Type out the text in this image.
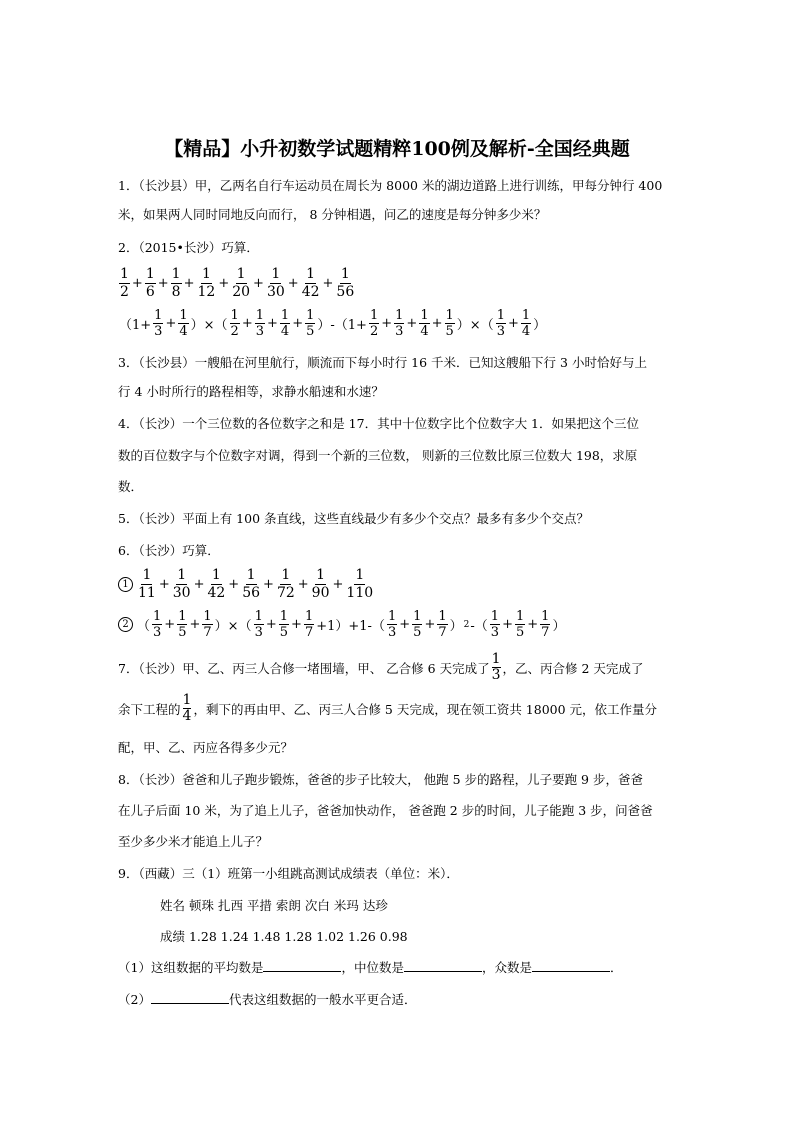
【精品】小升初数学试题精粹100例及解析-全国经典题
1．（长沙县）甲，乙两名自行车运动员在周长为 8000 米的湖边道路上进行训练，甲每分钟行 400
米，如果两人同时同地反向而行， 8 分钟相遇，问乙的速度是每分钟多少米？
2．（2015•长沙）巧算．
$\frac{1}{2} + \frac{1}{6} + \frac{1}{8} + \frac{1}{12} + \frac{1}{20} + \frac{1}{30} + \frac{1}{42} + \frac{1}{56}$
（$1+ \frac{1}{3} + \frac{1}{4}$ ）×（ $\frac{1}{2} + \frac{1}{3} + \frac{1}{4} + \frac{1}{5} )-(1+ \frac{1}{2} + \frac{1}{3} + \frac{1}{4} + \frac{1}{5}$ ）×（ $\frac{1}{3} + \frac{1}{4}$ ）
3．（长沙县）一艘船在河里航行，顺流而下每小时行 16 千米．已知这艘船下行 3 小时恰好与上
行 4 小时所行的路程相等，求静水船速和水速？
4．（长沙）一个三位数的各位数字之和是 17．其中十位数字比个位数字大 1．如果把这个三位
数的百位数字与个位数字对调，得到一个新的三位数， 则新的三位数比原三位数大 198，求原
数．
5．（长沙）平面上有 100 条直线，这些直线最少有多少个交点？最多有多少个交点？
6．（长沙）巧算．
$1 \frac{1}{11} + \frac{1}{30} + \frac{1}{42} + \frac{1}{56} + \frac{1}{72} + \frac{1}{90} + \frac{1}{110}$
2 （ $\frac{1}{3} + \frac{1}{5} + \frac{1}{7}$ ）×（ $\frac{1}{3} + \frac{1}{5} + \frac{1}{7} +1)+1-( \frac{1}{3} + \frac{1}{5} + \frac{1}{7}$ ） 2 -（ $\frac{1}{3} + \frac{1}{5} + \frac{1}{7}$ ）
7．（长沙）甲、乙、丙三人合修一堵围墙，甲、 乙合修 6 天完成了 $\frac{1}{3}$ ，乙、丙合修 2 天完成了
余下工程的 $\frac{1}{4}$ ，剩下的再由甲、乙、丙三人合修 5 天完成，现在领工资共 18000 元，依工作量分
配，甲、乙、丙应各得多少元？
8．（长沙）爸爸和儿子跑步锻炼，爸爸的步子比较大， 他跑 5 步的路程，儿子要跑 9 步，爸爸
在儿子后面 10 米，为了追上儿子，爸爸加快动作， 爸爸跑 2 步的时间，儿子能跑 3 步，问爸爸
至少多少米才能追上儿子？
9．（西藏）三（1）班第一小组跳高测试成绩表（单位：米）．
姓名 顿珠 扎西 平措 索朗 次白 米玛 达珍
成绩 1.28 1.24 1.48 1.28 1.02 1.26 0.98
（1）这组数据的平均数是	，中位数是	，众数是	．
（2）	代表这组数据的一般水平更合适．
